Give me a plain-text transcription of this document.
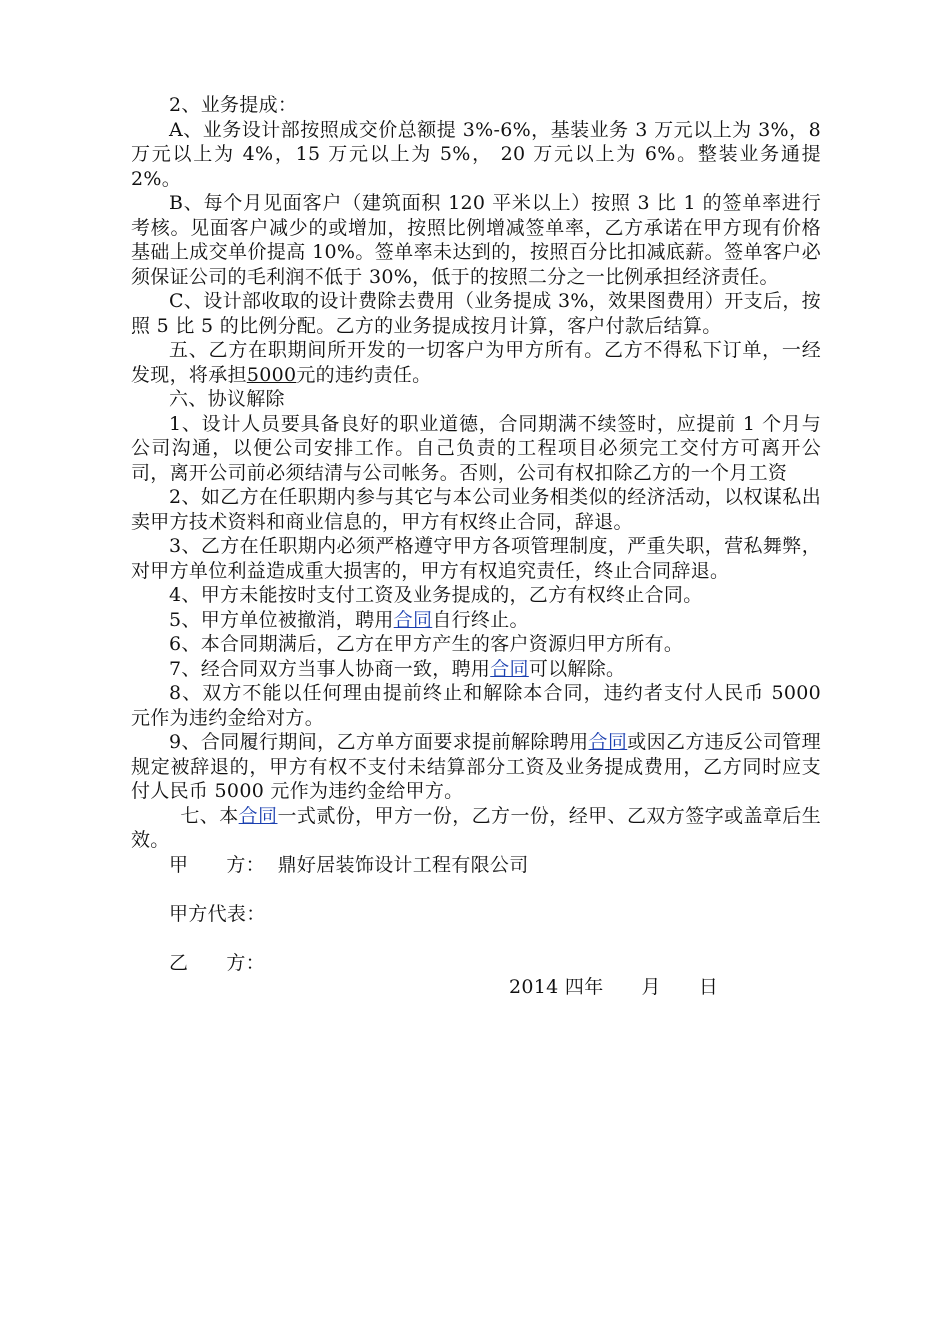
2、业务提成：

A、业务设计部按照成交价总额提 3%-6%，基装业务 3 万元以上为 3%，8 万元以上为 4%，15 万元以上为 5%， 20 万元以上为 6%。整装业务通提 2%。

B、每个月见面客户（建筑面积 120 平米以上）按照 3 比 1 的签单率进行考核。见面客户减少的或增加，按照比例增减签单率，乙方承诺在甲方现有价格基础上成交单价提高 10%。签单率未达到的，按照百分比扣减底薪。签单客户必须保证公司的毛利润不低于 30%，低于的按照二分之一比例承担经济责任。

C、设计部收取的设计费除去费用（业务提成 3%，效果图费用）开支后，按照 5 比 5 的比例分配。乙方的业务提成按月计算，客户付款后结算。

五、乙方在职期间所开发的一切客户为甲方所有。乙方不得私下订单，一经发现，将承担5000元的违约责任。

六、协议解除

1、设计人员要具备良好的职业道德，合同期满不续签时，应提前 1 个月与公司沟通，以便公司安排工作。自己负责的工程项目必须完工交付方可离开公司，离开公司前必须结清与公司帐务。否则，公司有权扣除乙方的一个月工资

2、如乙方在任职期内参与其它与本公司业务相类似的经济活动，以权谋私出卖甲方技术资料和商业信息的，甲方有权终止合同，辞退。

3、乙方在任职期内必须严格遵守甲方各项管理制度，严重失职，营私舞弊，对甲方单位利益造成重大损害的，甲方有权追究责任，终止合同辞退。

4、甲方未能按时支付工资及业务提成的，乙方有权终止合同。

5、甲方单位被撤消，聘用合同自行终止。

6、本合同期满后，乙方在甲方产生的客户资源归甲方所有。

7、经合同双方当事人协商一致，聘用合同可以解除。

8、双方不能以任何理由提前终止和解除本合同，违约者支付人民币 5000 元作为违约金给对方。

9、合同履行期间，乙方单方面要求提前解除聘用合同或因乙方违反公司管理规定被辞退的，甲方有权不支付未结算部分工资及业务提成费用，乙方同时应支付人民币 5000 元作为违约金给甲方。

七、本合同一式贰份，甲方一份，乙方一份，经甲、乙双方签字或盖章后生效。

甲      方：  鼎好居装饰设计工程有限公司

甲方代表：

乙      方：

2014 四年      月      日
